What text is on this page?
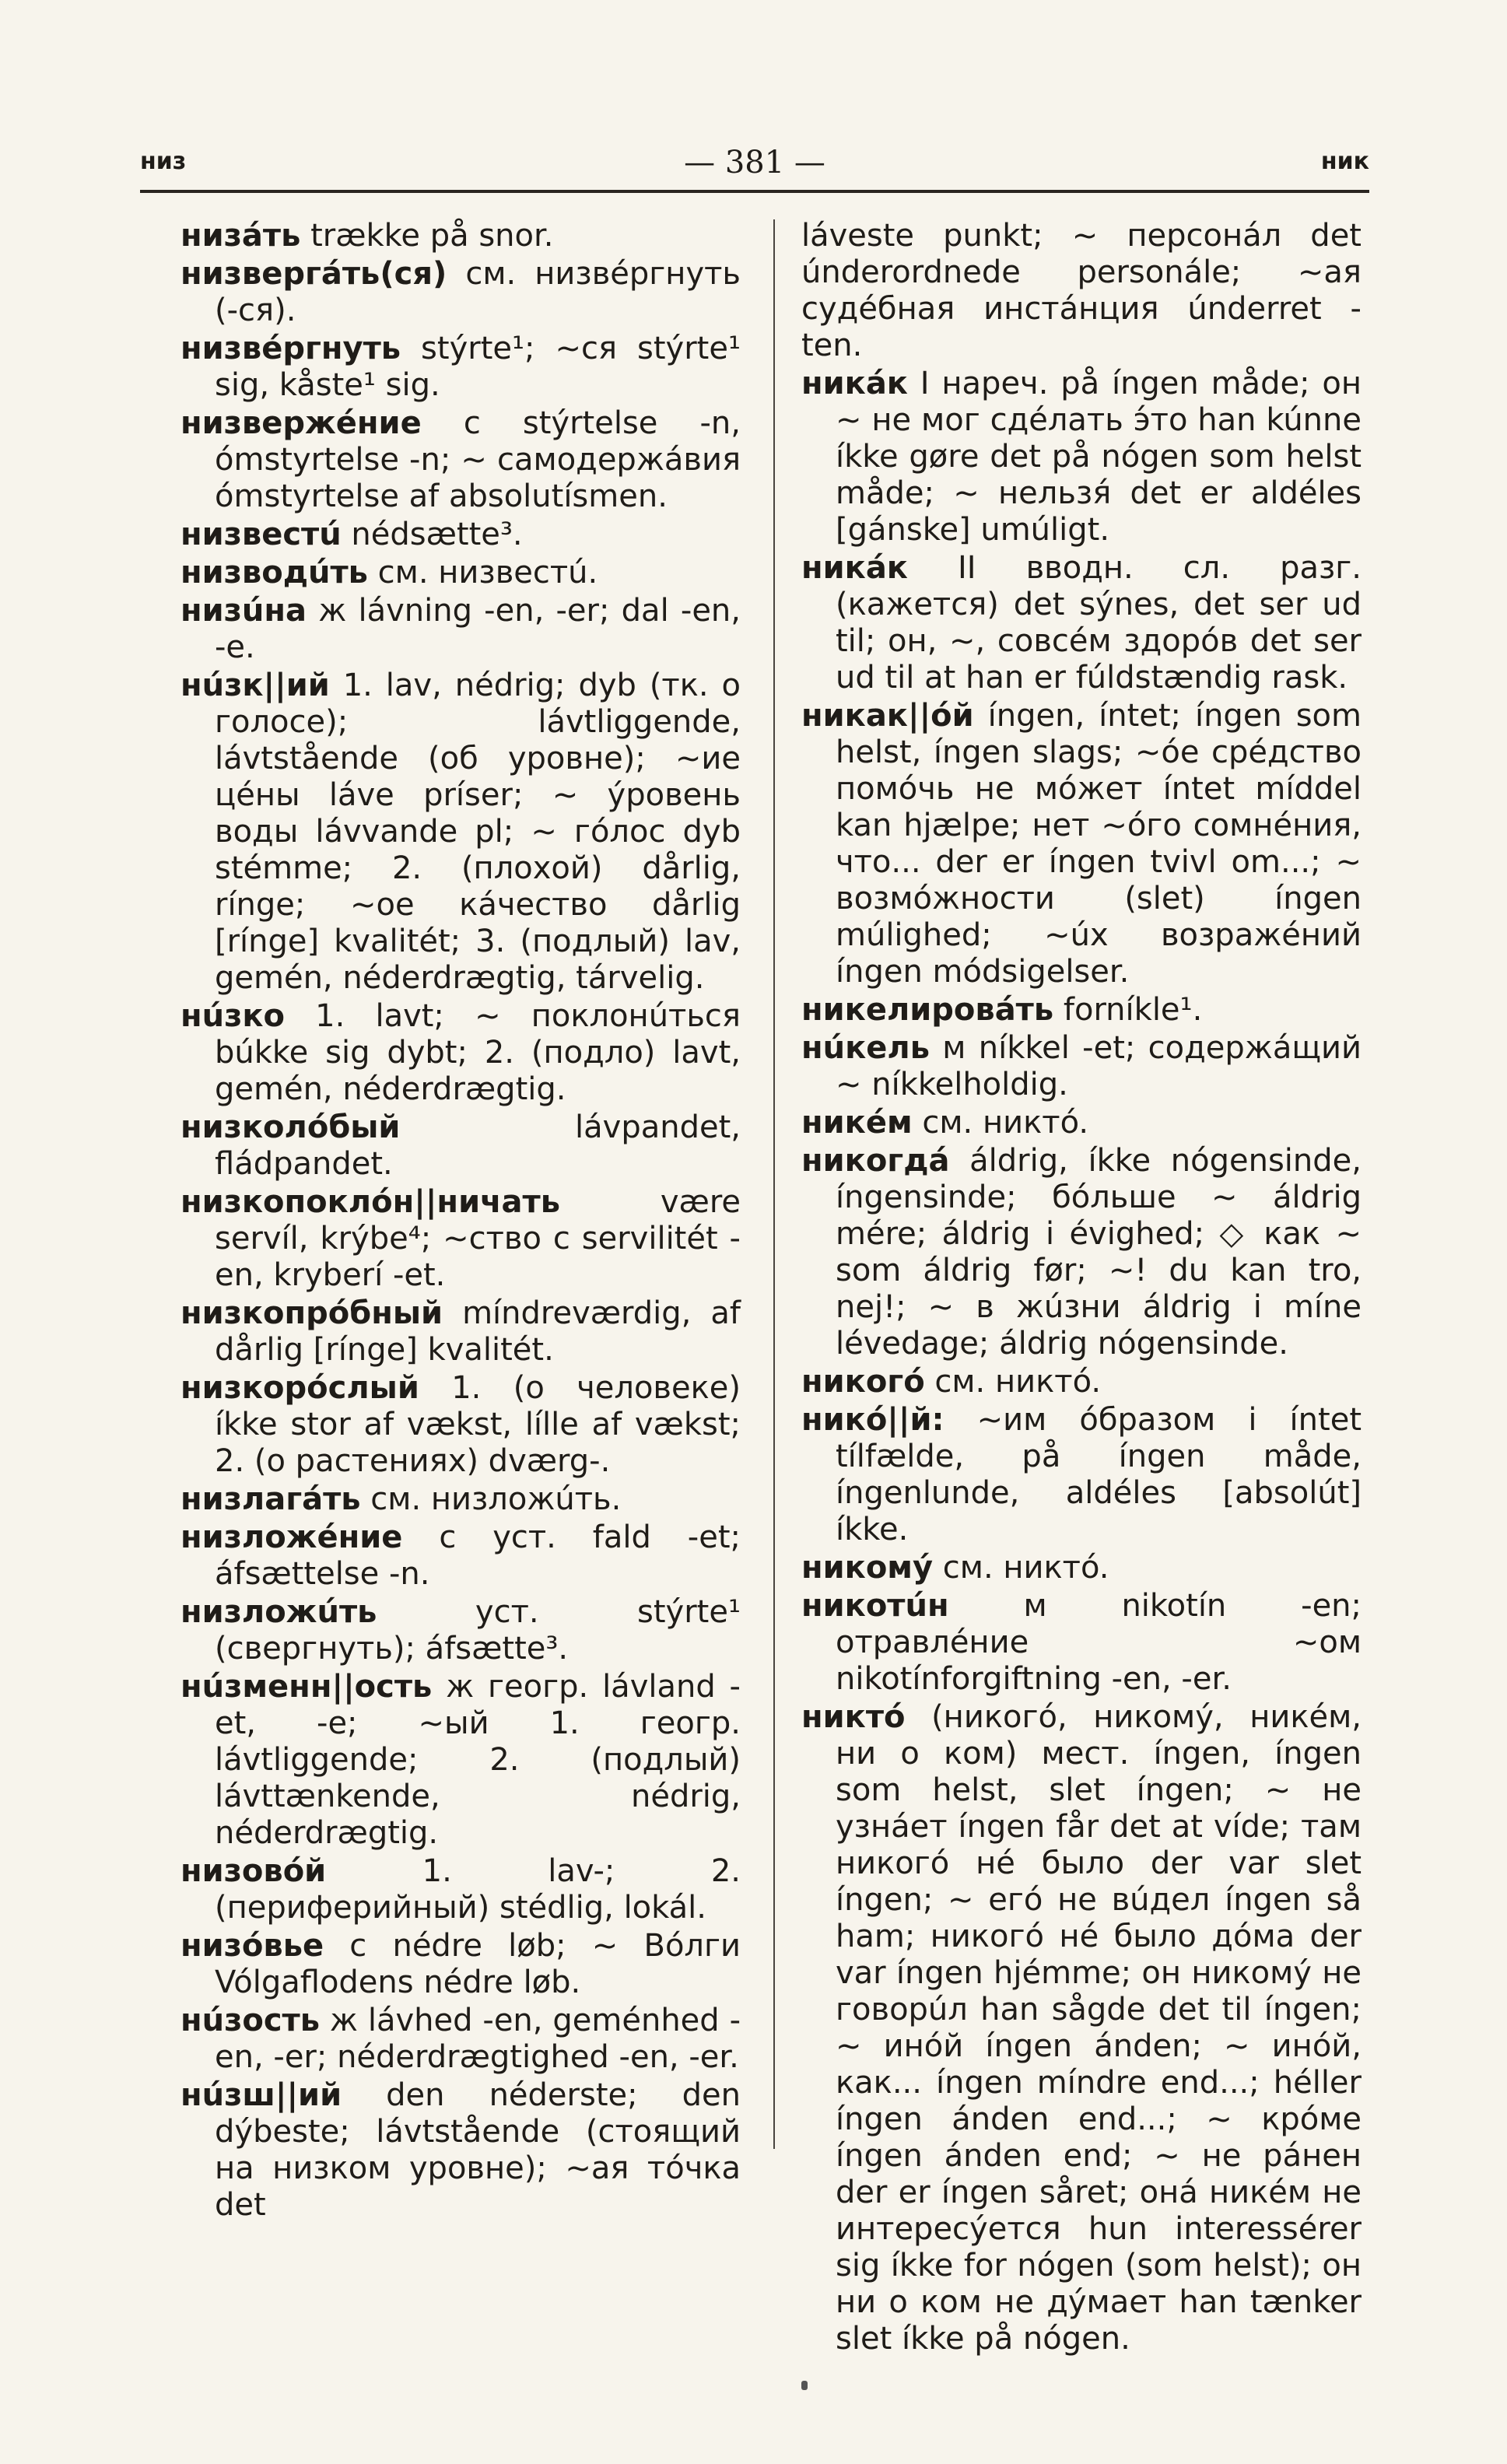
низ	— 381 —	ник

низáть trække på snor.

низвергáть(ся) см. низвéргнуть (-ся).

низвéргнуть stýrte¹; ~ся stýrte¹ sig, kåste¹ sig.

низвержéние с stýrtelse -n, ómstyrtelse -n; ~ самодержáвия ómstyrtelse af absolutísmen.

низвестú nédsætte³.

низводúть см. низвестú.

низúна ж lávning -en, -er; dal -en, -e.

нúзк||ий 1. lav, nédrig; dyb (тк. о голосе); lávtliggende, lávtstående (об уровне); ~ие цéны láve príser; ~ ýровень воды lávvande pl; ~ гóлос dyb stémme; 2. (плохой) dårlig, rínge; ~ое кáчество dårlig [rínge] kvalitét; 3. (подлый) lav, gemén, néderdrægtig, tárvelig.

нúзко 1. lavt; ~ поклонúться búkke sig dybt; 2. (подло) lavt, gemén, néderdrægtig.

низколóбый lávpandet, fládpandet.

низкопоклóн||ничать være servíl, krýbe⁴; ~ство с servilitét -en, kryberí -et.

низкопрóбный míndreværdig, af dårlig [rínge] kvalitét.

низкорóслый 1. (о человеке) íkke stor af vækst, lílle af vækst; 2. (о растениях) dværg-.

низлагáть см. низложúть.

низложéние с уст. fald -et; áfsættelse -n.

низложúть уст. stýrte¹ (свергнуть); áfsætte³.

нúзменн||ость ж геогр. lávland -et, -e; ~ый 1. геогр. lávtliggende; 2. (подлый) lávttænkende, nédrig, néderdrægtig.

низовóй 1. lav-; 2. (периферийный) stédlig, lokál.

низóвье с nédre løb; ~ Вóлги Vólgaflodens nédre løb.

нúзость ж lávhed -en, geménhed -en, -er; néderdrægtighed -en, -er.

нúзш||ий den néderste; den dýbeste; lávtstående (стоящий на низком уровне); ~ая тóчка det

láveste punkt; ~ персонáл det únderordnede personále; ~ая судéбная инстáнция únderret -ten.

никáк I нареч. på íngen måde; он ~ не мог сдéлать э́то han kúnne íkke gøre det på nógen som helst måde; ~ нельзя́ det er aldéles [gánske] umúligt.

никáк II вводн. сл. разг. (кажется) det sýnes, det ser ud til; он, ~, совсéм здорóв det ser ud til at han er fúldstændig rask.

никак||óй íngen, íntet; íngen som helst, íngen slags; ~óе срéдство помóчь не мóжет íntet míddel kan hjælpe; нет ~óго сомнéния, что... der er íngen tvivl om...; ~ возмóжности (slet) íngen múlighed; ~úх возражéний íngen módsigelser.

никелировáть forníkle¹.

нúкель м níkkel -et; содержáщий ~ níkkelholdig.

никéм см. никтó.

никогдá áldrig, íkke nógensinde, íngensinde; бóльше ~ áldrig mére; áldrig i évighed; ◇ как ~ som áldrig før; ~! du kan tro, nej!; ~ в жúзни áldrig i míne lévedage; áldrig nógensinde.

никогó см. никтó.

никó||й: ~им óбразом i íntet tílfælde, på íngen måde, íngenlunde, aldéles [absolút] íkke.

никомý см. никтó.

никотúн м nikotín -en; отравлéние ~ом nikotínforgiftning -en, -er.

никтó (никогó, никомý, никéм, ни о ком) мест. íngen, íngen som helst, slet íngen; ~ не узнáет íngen får det at víde; там никогó нé было der var slet íngen; ~ егó не вúдел íngen så ham; никогó нé было дóма der var íngen hjémme; он никомý не говорúл han sågde det til íngen; ~ инóй íngen ánden; ~ инóй, как... íngen míndre end...; héller íngen ánden end...; ~ крóме íngen ánden end; ~ не рáнен der er íngen såret; онá никéм не интересýется hun interessérer sig íkke for nógen (som helst); он ни о ком не дýмает han tænker slet íkke på nógen.
